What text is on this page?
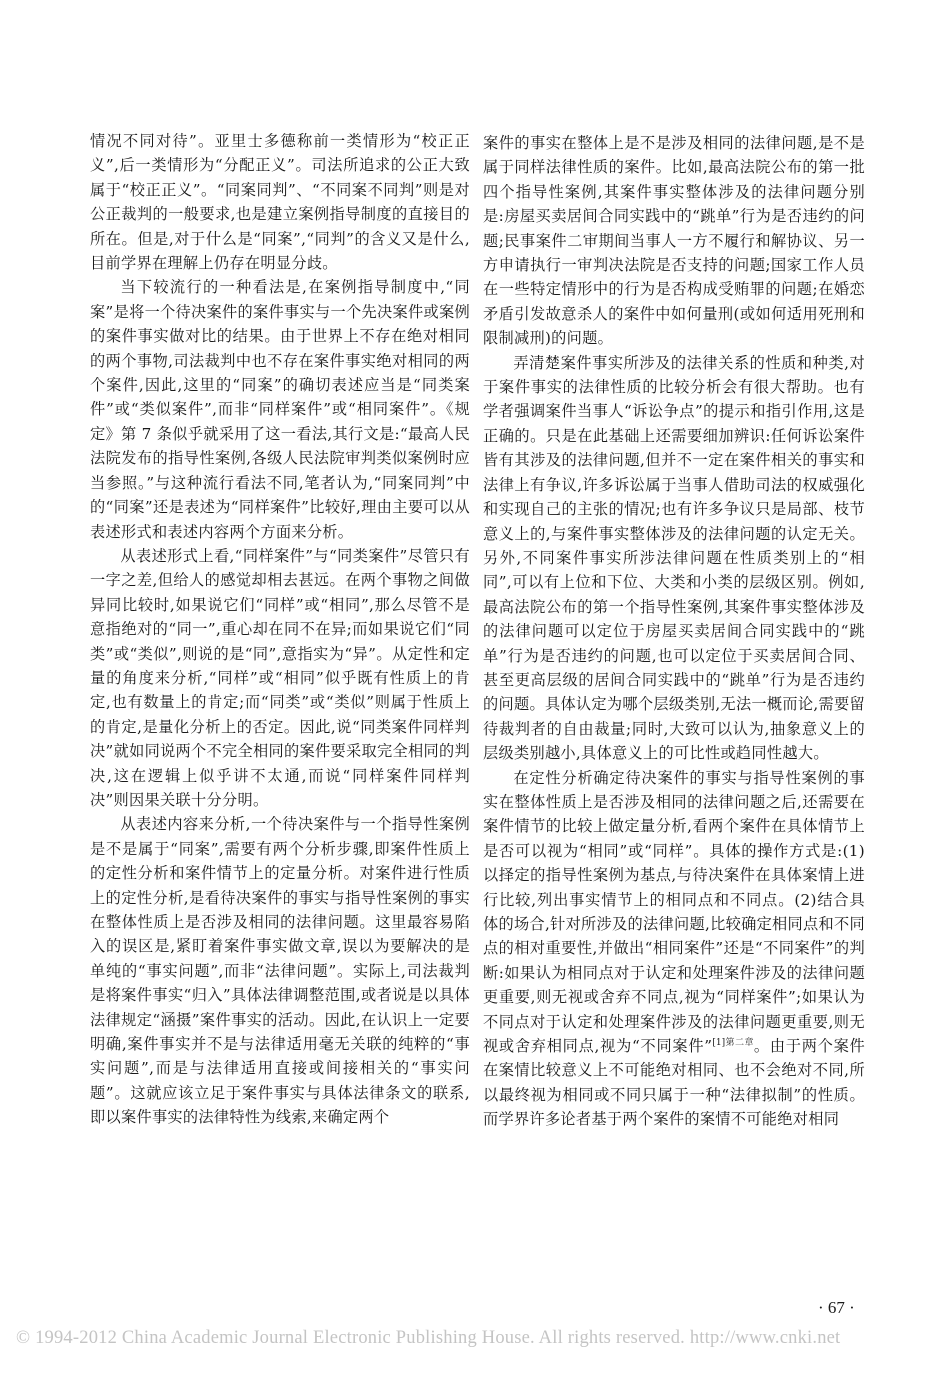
情况不同对待”。亚里士多德称前一类情形为“校正正义”,后一类情形为“分配正义”。司法所追求的公正大致属于“校正正义”。“同案同判”、“不同案不同判”则是对公正裁判的一般要求,也是建立案例指导制度的直接目的所在。但是,对于什么是“同案”,“同判”的含义又是什么,目前学界在理解上仍存在明显分歧。

当下较流行的一种看法是,在案例指导制度中,“同案”是将一个待决案件的案件事实与一个先决案件或案例的案件事实做对比的结果。由于世界上不存在绝对相同的两个事物,司法裁判中也不存在案件事实绝对相同的两个案件,因此,这里的“同案”的确切表述应当是“同类案件”或“类似案件”,而非“同样案件”或“相同案件”。《规定》第 7 条似乎就采用了这一看法,其行文是:“最高人民法院发布的指导性案例,各级人民法院审判类似案例时应当参照。”与这种流行看法不同,笔者认为,“同案同判”中的“同案”还是表述为“同样案件”比较好,理由主要可以从表述形式和表述内容两个方面来分析。

从表述形式上看,“同样案件”与“同类案件”尽管只有一字之差,但给人的感觉却相去甚远。在两个事物之间做异同比较时,如果说它们“同样”或“相同”,那么尽管不是意指绝对的“同一”,重心却在同不在异;而如果说它们“同类”或“类似”,则说的是“同”,意指实为“异”。从定性和定量的角度来分析,“同样”或“相同”似乎既有性质上的肯定,也有数量上的肯定;而“同类”或“类似”则属于性质上的肯定,是量化分析上的否定。因此,说“同类案件同样判决”就如同说两个不完全相同的案件要采取完全相同的判决,这在逻辑上似乎讲不太通,而说“同样案件同样判决”则因果关联十分分明。

从表述内容来分析,一个待决案件与一个指导性案例是不是属于“同案”,需要有两个分析步骤,即案件性质上的定性分析和案件情节上的定量分析。对案件进行性质上的定性分析,是看待决案件的事实与指导性案例的事实在整体性质上是否涉及相同的法律问题。这里最容易陷入的误区是,紧盯着案件事实做文章,误以为要解决的是单纯的“事实问题”,而非“法律问题”。实际上,司法裁判是将案件事实“归入”具体法律调整范围,或者说是以具体法律规定“涵摄”案件事实的活动。因此,在认识上一定要明确,案件事实并不是与法律适用毫无关联的纯粹的“事实问题”,而是与法律适用直接或间接相关的“事实问题”。这就应该立足于案件事实与具体法律条文的联系,即以案件事实的法律特性为线索,来确定两个

案件的事实在整体上是不是涉及相同的法律问题,是不是属于同样法律性质的案件。比如,最高法院公布的第一批四个指导性案例,其案件事实整体涉及的法律问题分别是:房屋买卖居间合同实践中的“跳单”行为是否违约的问题;民事案件二审期间当事人一方不履行和解协议、另一方申请执行一审判决法院是否支持的问题;国家工作人员在一些特定情形中的行为是否构成受贿罪的问题;在婚恋矛盾引发故意杀人的案件中如何量刑(或如何适用死刑和限制减刑)的问题。

弄清楚案件事实所涉及的法律关系的性质和种类,对于案件事实的法律性质的比较分析会有很大帮助。也有学者强调案件当事人“诉讼争点”的提示和指引作用,这是正确的。只是在此基础上还需要细加辨识:任何诉讼案件皆有其涉及的法律问题,但并不一定在案件相关的事实和法律上有争议,许多诉讼属于当事人借助司法的权威强化和实现自己的主张的情况;也有许多争议只是局部、枝节意义上的,与案件事实整体涉及的法律问题的认定无关。另外,不同案件事实所涉法律问题在性质类别上的“相同”,可以有上位和下位、大类和小类的层级区别。例如,最高法院公布的第一个指导性案例,其案件事实整体涉及的法律问题可以定位于房屋买卖居间合同实践中的“跳单”行为是否违约的问题,也可以定位于买卖居间合同、甚至更高层级的居间合同实践中的“跳单”行为是否违约的问题。具体认定为哪个层级类别,无法一概而论,需要留待裁判者的自由裁量;同时,大致可以认为,抽象意义上的层级类别越小,具体意义上的可比性或趋同性越大。

在定性分析确定待决案件的事实与指导性案例的事实在整体性质上是否涉及相同的法律问题之后,还需要在案件情节的比较上做定量分析,看两个案件在具体情节上是否可以视为“相同”或“同样”。具体的操作方式是:(1)以择定的指导性案例为基点,与待决案件在具体案情上进行比较,列出事实情节上的相同点和不同点。(2)结合具体的场合,针对所涉及的法律问题,比较确定相同点和不同点的相对重要性,并做出“相同案件”还是“不同案件”的判断:如果认为相同点对于认定和处理案件涉及的法律问题更重要,则无视或舍弃不同点,视为“同样案件”;如果认为不同点对于认定和处理案件涉及的法律问题更重要,则无视或舍弃相同点,视为“不同案件”$^{[1]第二章}$。由于两个案件在案情比较意义上不可能绝对相同、也不会绝对不同,所以最终视为相同或不同只属于一种“法律拟制”的性质。而学界许多论者基于两个案件的案情不可能绝对相同

· 67 ·
© 1994-2012 China Academic Journal Electronic Publishing House. All rights reserved. http://www.cnki.net
